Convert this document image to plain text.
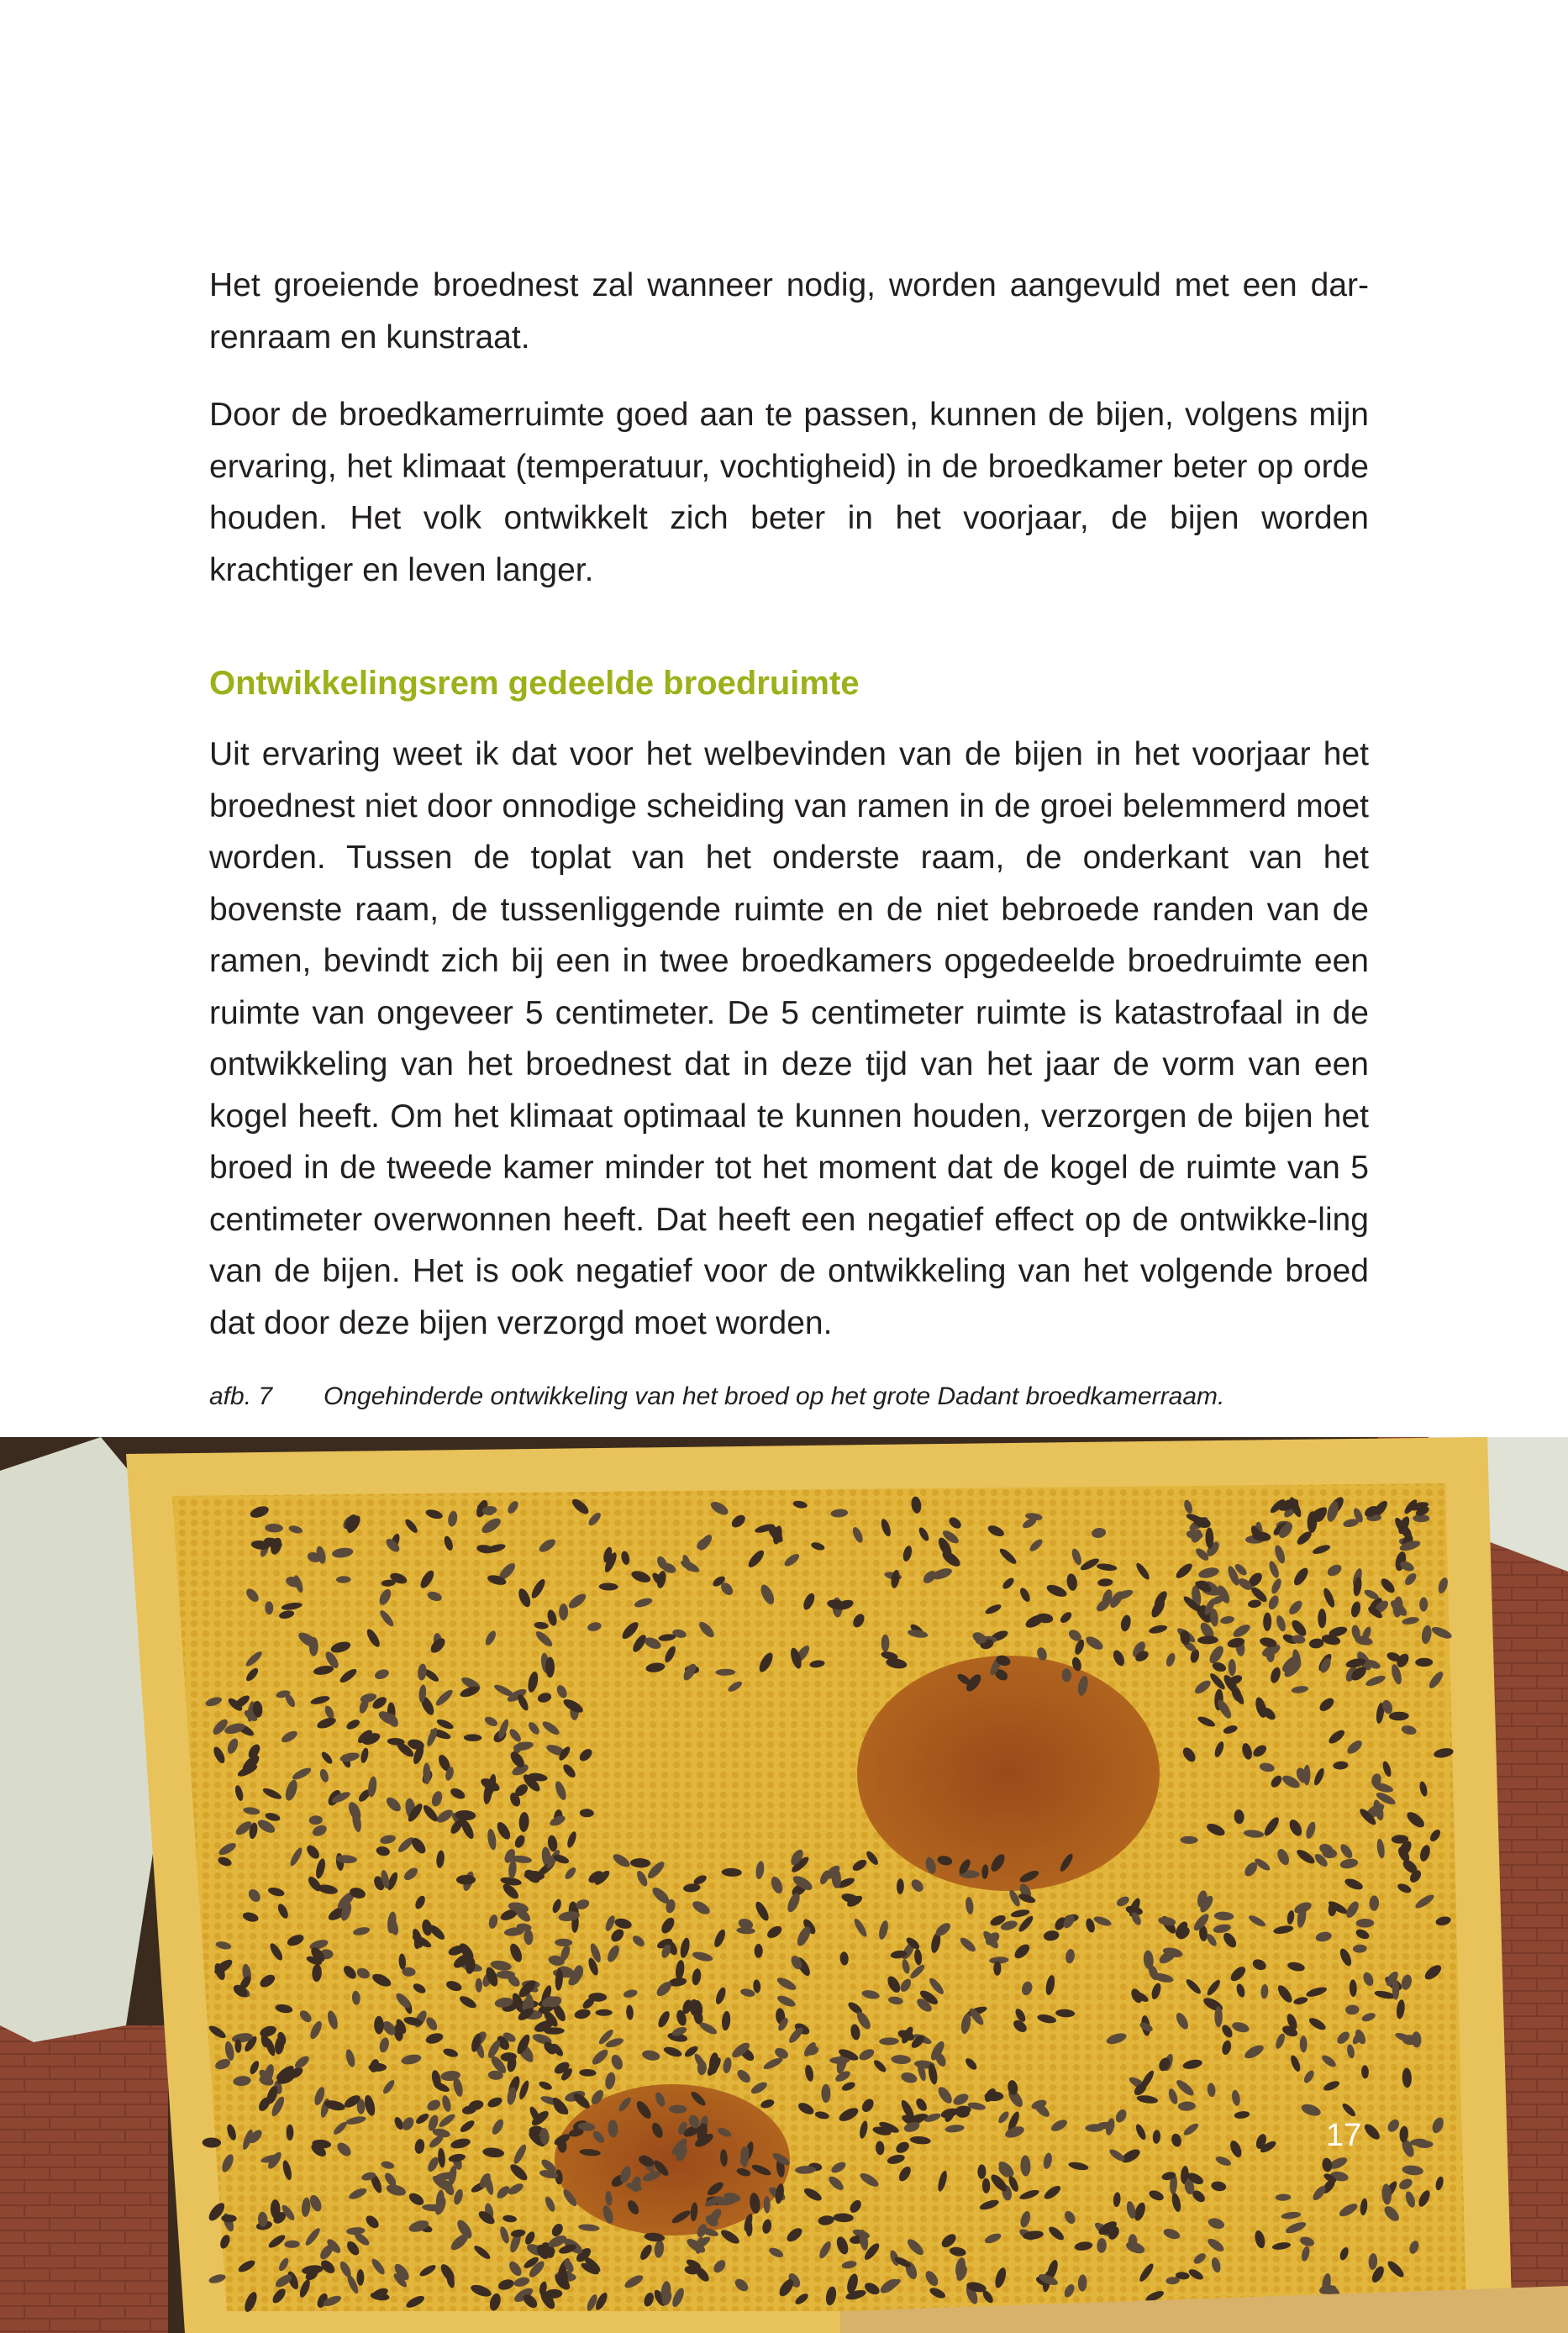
Het groeiende broednest zal wanneer nodig, worden aangevuld met een dar-renraam en kunstraat.

Door de broedkamerruimte goed aan te passen, kunnen de bijen, volgens mijn ervaring, het klimaat (temperatuur, vochtigheid) in de broedkamer beter op orde houden. Het volk ontwikkelt zich beter in het voorjaar, de bijen worden krachtiger en leven langer.

Uit ervaring weet ik dat voor het welbevinden van de bijen in het voorjaar het broednest niet door onnodige scheiding van ramen in de groei belemmerd moet worden. Tussen de toplat van het onderste raam, de onderkant van het bovenste raam, de tussenliggende ruimte en de niet bebroede randen van de ramen, bevindt zich bij een in twee broedkamers opgedeelde broedruimte een ruimte van ongeveer 5 centimeter. De 5 centimeter ruimte is katastrofaal in de ontwikkeling van het broednest dat in deze tijd van het jaar de vorm van een kogel heeft. Om het klimaat optimaal te kunnen houden, verzorgen de bijen het broed in de tweede kamer minder tot het moment dat de kogel de ruimte van 5 centimeter overwonnen heeft. Dat heeft een negatief effect op de ontwikke-ling van de bijen. Het is ook negatief voor de ontwikkeling van het volgende broed dat door deze bijen verzorgd moet worden.

Ontwikkelingsrem gedeelde broedruimte
afb. 7 Ongehinderde ontwikkeling van het broed op het grote Dadant broedkamerraam.
17
